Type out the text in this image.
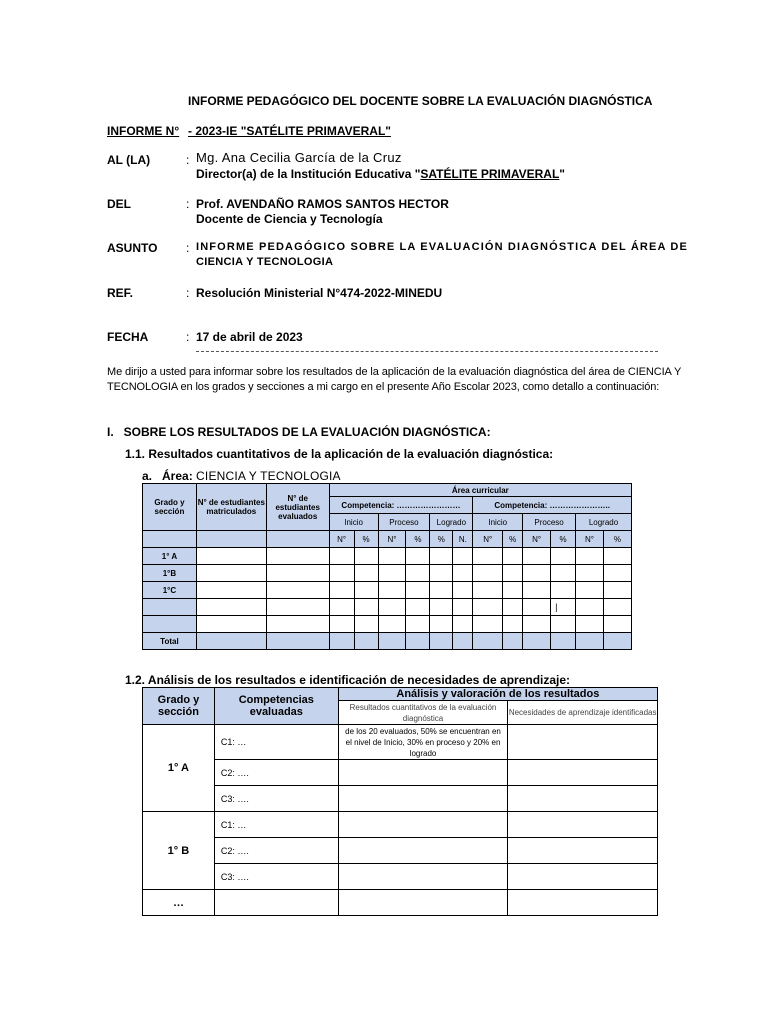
INFORME PEDAGÓGICO DEL DOCENTE SOBRE LA EVALUACIÓN DIAGNÓSTICA
INFORME N° - 2023-IE "SATÉLITE PRIMAVERAL"
AL (LA)	: Mg. Ana Cecilia García de la Cruz
Director(a) de la Institución Educativa "SATÉLITE PRIMAVERAL"
DEL	: Prof. AVENDAÑO RAMOS SANTOS HECTOR
Docente de Ciencia y Tecnología
ASUNTO : INFORME PEDAGÓGICO SOBRE LA EVALUACIÓN DIAGNÓSTICA DEL ÁREA DE
CIENCIA Y TECNOLOGIA
REF.	: Resolución Ministerial N°474-2022-MINEDU
FECHA	: 17 de abril de 2023
Me dirijo a usted para informar sobre los resultados de la aplicación de la evaluación diagnóstica del área de CIENCIA Y
TECNOLOGIA en los grados y secciones a mi cargo en el presente Año Escolar 2023, como detallo a continuación:
I.   SOBRE LOS RESULTADOS DE LA EVALUACIÓN DIAGNÓSTICA:
1.1. Resultados cuantitativos de la aplicación de la evaluación diagnóstica:
a.   Área: CIENCIA Y TECNOLOGIA
Grado y sección	N° de estudiantes matriculados	N° de estudiantes evaluados	Área curricular											
			Competencia: ……………………						Competencia: …………………..					
			Inicio		Proceso		Logrado		Inicio		Proceso		Logrado	
			N°	%	N°	%	%	N.	N°	%	N°	%	N°	%
1° A														
1°B														
1°C														
												|		

Total														
1.2. Análisis de los resultados e identificación de necesidades de aprendizaje:
Grado y sección	Competencias evaluadas	Análisis y valoración de los resultados	
		Resultados cuantitativos de la evaluación diagnóstica	Necesidades de aprendizaje identificadas
1° A	C1: …	de los 20 evaluados, 50% se encuentran en el nivel de Inicio, 30% en proceso y 20% en logrado	
	C2: ….		
	C3: ….		
1° B	C1: …		
	C2: ….		
	C3: ….		
…			
